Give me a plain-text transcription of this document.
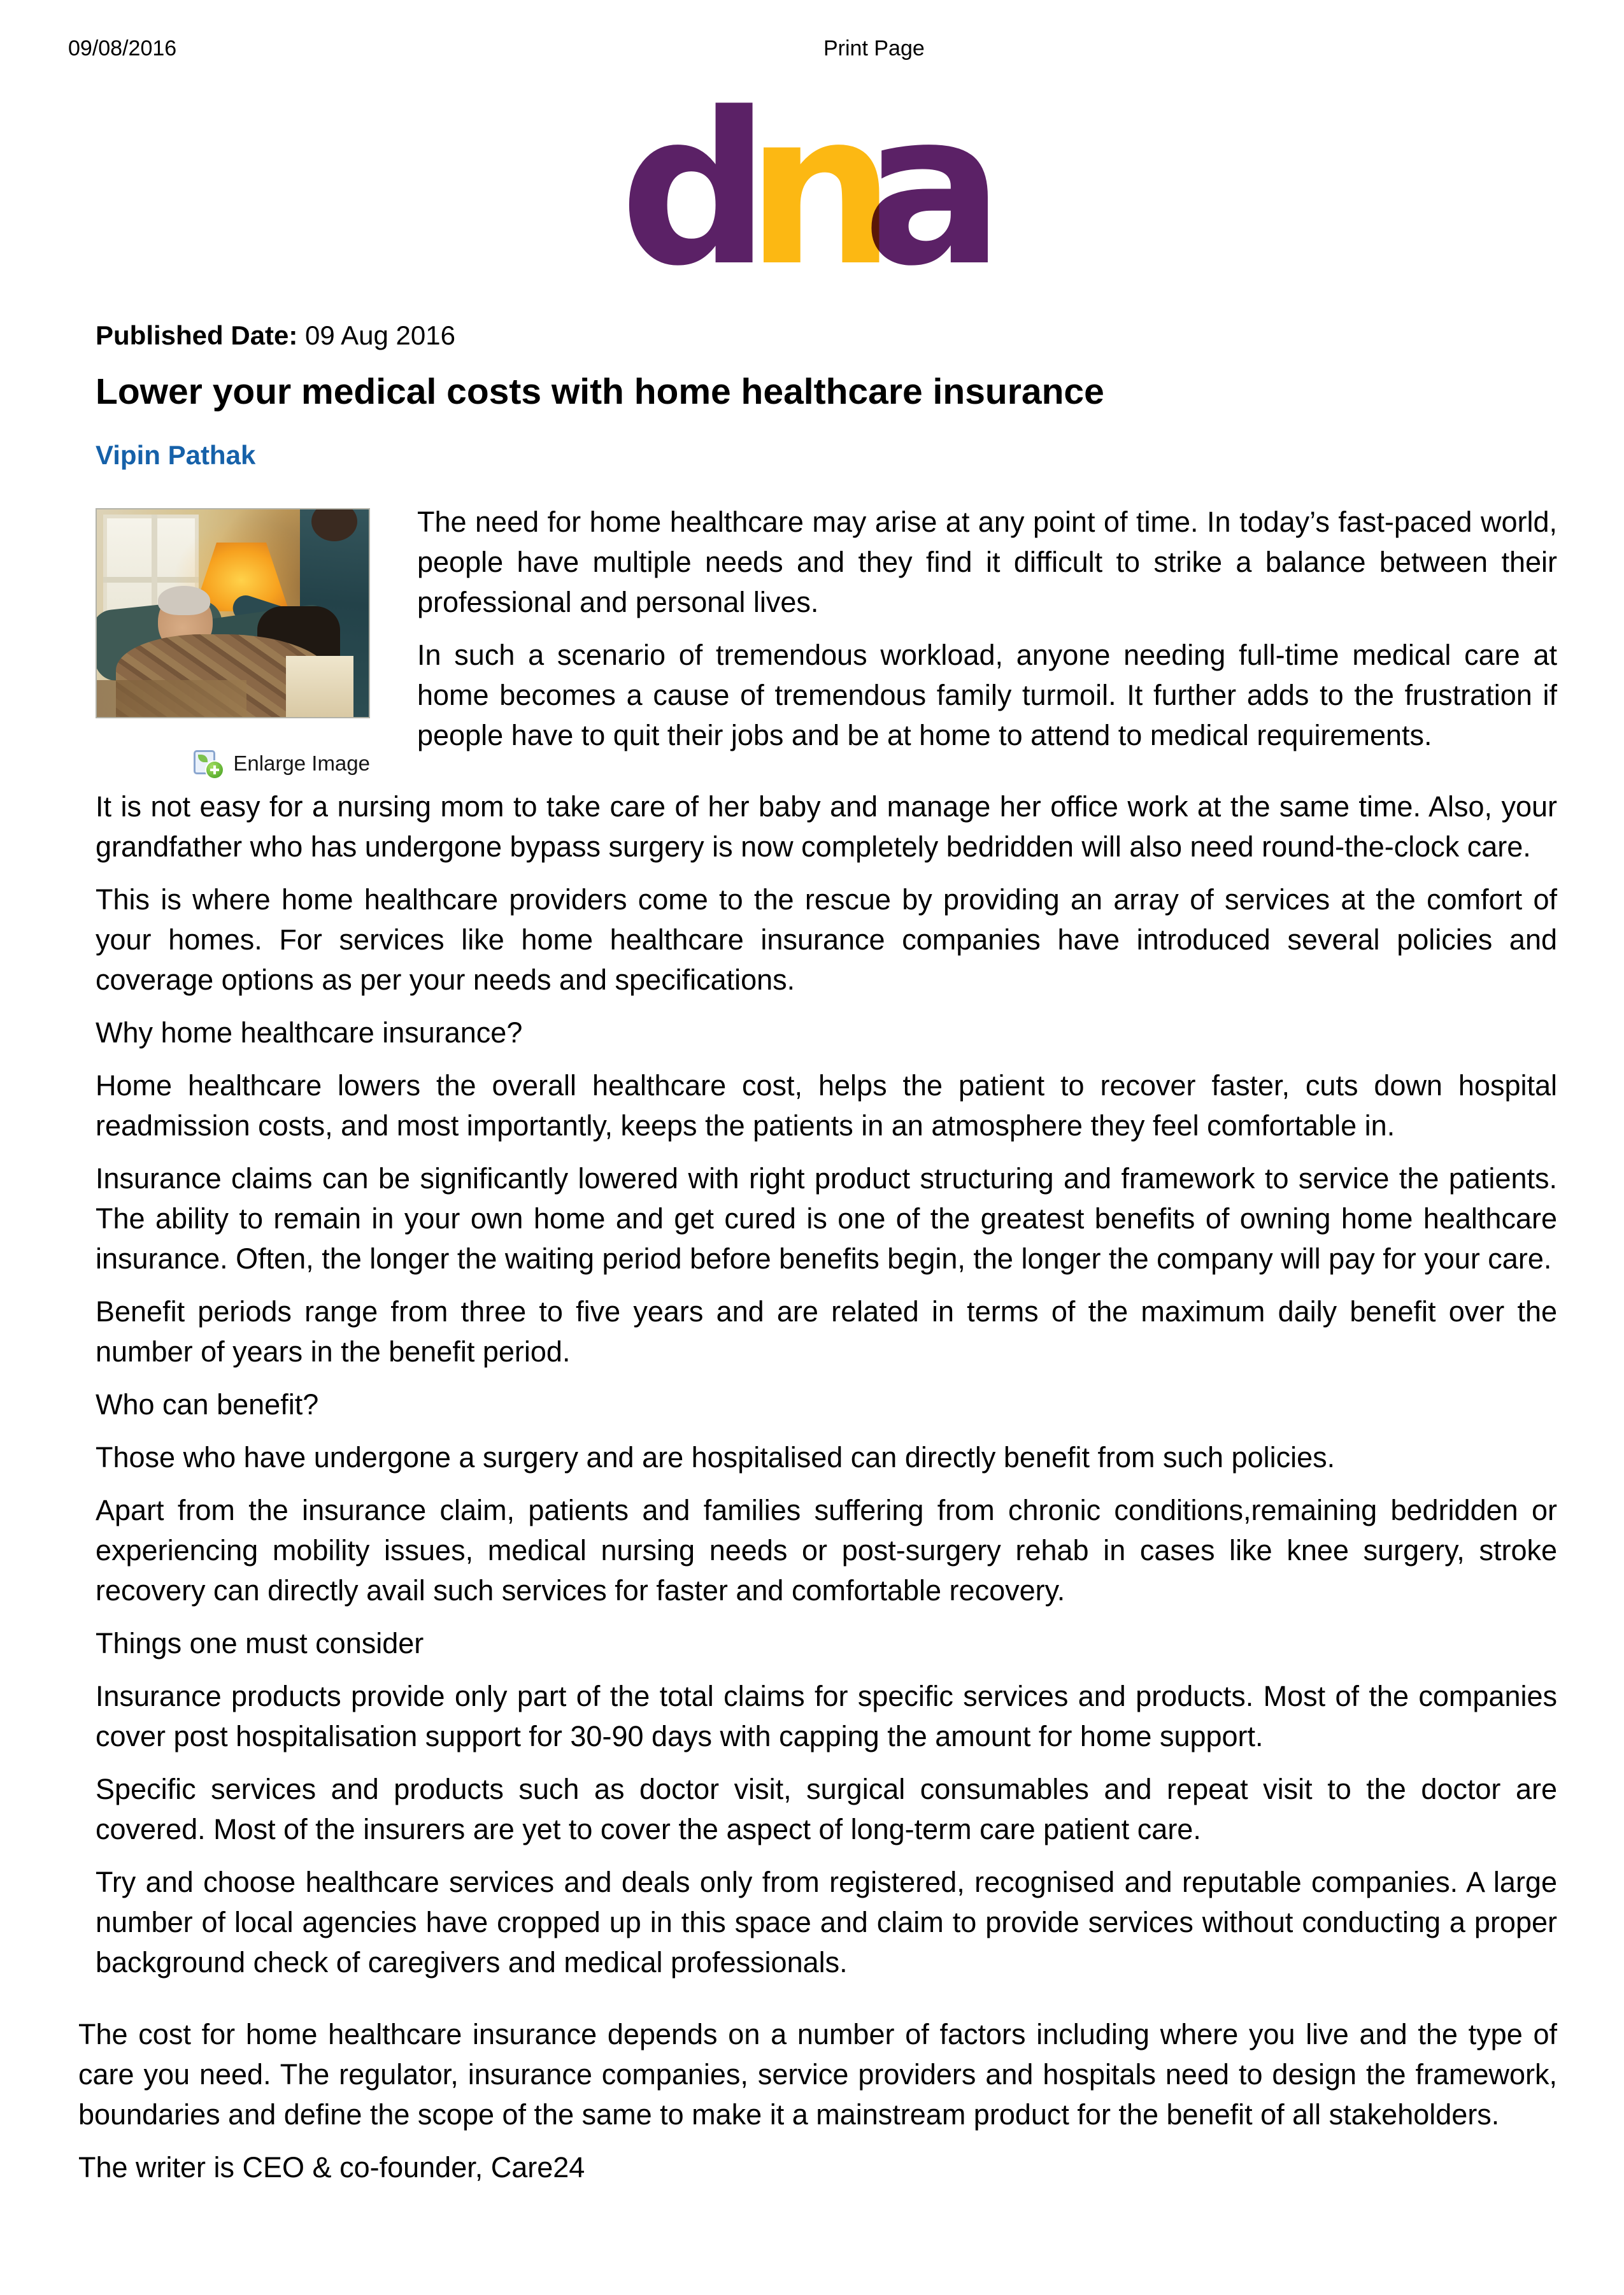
09/08/2016	Print Page
dna
Published Date: 09 Aug 2016
Lower your medical costs with home healthcare insurance
Vipin Pathak
Enlarge Image

The need for home healthcare may arise at any point of time. In today’s fast-paced world, people have multiple needs and they find it difficult to strike a balance between their professional and personal lives.

In such a scenario of tremendous workload, anyone needing full-time medical care at home becomes a cause of tremendous family turmoil. It further adds to the frustration if people have to quit their jobs and be at home to attend to medical requirements.

It is not easy for a nursing mom to take care of her baby and manage her office work at the same time. Also, your grandfather who has undergone bypass surgery is now completely bedridden will also need round-the-clock care.

This is where home healthcare providers come to the rescue by providing an array of services at the comfort of your homes. For services like home healthcare insurance companies have introduced several policies and coverage options as per your needs and specifications.

Why home healthcare insurance?

Home healthcare lowers the overall healthcare cost, helps the patient to recover faster, cuts down hospital readmission costs, and most importantly, keeps the patients in an atmosphere they feel comfortable in.

Insurance claims can be significantly lowered with right product structuring and framework to service the patients. The ability to remain in your own home and get cured is one of the greatest benefits of owning home healthcare insurance. Often, the longer the waiting period before benefits begin, the longer the company will pay for your care.

Benefit periods range from three to five years and are related in terms of the maximum daily benefit over the number of years in the benefit period.

Who can benefit?

Those who have undergone a surgery and are hospitalised can directly benefit from such policies.

Apart from the insurance claim, patients and families suffering from chronic conditions,remaining bedridden or experiencing mobility issues, medical nursing needs or post-surgery rehab in cases like knee surgery, stroke recovery can directly avail such services for faster and comfortable recovery.

Things one must consider

Insurance products provide only part of the total claims for specific services and products. Most of the companies cover post hospitalisation support for 30-90 days with capping the amount for home support.

Specific services and products such as doctor visit, surgical consumables and repeat visit to the doctor are covered. Most of the insurers are yet to cover the aspect of long-term care patient care.

Try and choose healthcare services and deals only from registered, recognised and reputable companies. A large number of local agencies have cropped up in this space and claim to provide services without conducting a proper background check of caregivers and medical professionals.

The cost for home healthcare insurance depends on a number of factors including where you live and the type of care you need. The regulator, insurance companies, service providers and hospitals need to design the framework, boundaries and define the scope of the same to make it a mainstream product for the benefit of all stakeholders.

The writer is CEO & co-founder, Care24
